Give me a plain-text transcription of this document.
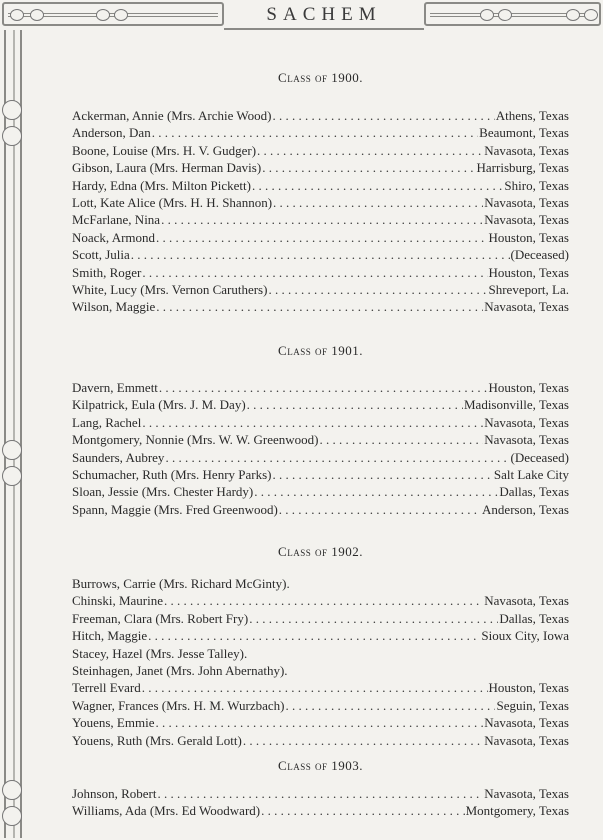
SACHEM
Class of 1900.
Ackerman, Annie (Mrs. Archie Wood) . . .	Athens, Texas
Anderson, Dan . . .	Beaumont, Texas
Boone, Louise (Mrs. H. V. Gudger) . . .	Navasota, Texas
Gibson, Laura (Mrs. Herman Davis) . . .	Harrisburg, Texas
Hardy, Edna (Mrs. Milton Pickett) . . .	Shiro, Texas
Lott, Kate Alice (Mrs. H. H. Shannon) . . .	Navasota, Texas
McFarlane, Nina . . .	Navasota, Texas
Noack, Armond . . .	Houston, Texas
Scott, Julia . . .	(Deceased)
Smith, Roger . . .	Houston, Texas
White, Lucy (Mrs. Vernon Caruthers) . . .	Shreveport, La.
Wilson, Maggie . . .	Navasota, Texas
Class of 1901.
Davern, Emmett . . .	Houston, Texas
Kilpatrick, Eula (Mrs. J. M. Day) . . .	Madisonville, Texas
Lang, Rachel . . .	Navasota, Texas
Montgomery, Nonnie (Mrs. W. W. Greenwood) . . .	Navasota, Texas
Saunders, Aubrey . . .	(Deceased)
Schumacher, Ruth (Mrs. Henry Parks) . . .	Salt Lake City
Sloan, Jessie (Mrs. Chester Hardy) . . .	Dallas, Texas
Spann, Maggie (Mrs. Fred Greenwood) . . .	Anderson, Texas
Class of 1902.
Burrows, Carrie (Mrs. Richard McGinty).
Chinski, Maurine . . .	Navasota, Texas
Freeman, Clara (Mrs. Robert Fry) . . .	Dallas, Texas
Hitch, Maggie . . .	Sioux City, Iowa
Stacey, Hazel (Mrs. Jesse Talley).
Steinhagen, Janet (Mrs. John Abernathy).
Terrell Evard . . .	Houston, Texas
Wagner, Frances (Mrs. H. M. Wurzbach) . . .	Seguin, Texas
Youens, Emmie . . .	Navasota, Texas
Youens, Ruth (Mrs. Gerald Lott) . . .	Navasota, Texas
Class of 1903.
Johnson, Robert . . .	Navasota, Texas
Williams, Ada (Mrs. Ed Woodward) . . .	Montgomery, Texas
